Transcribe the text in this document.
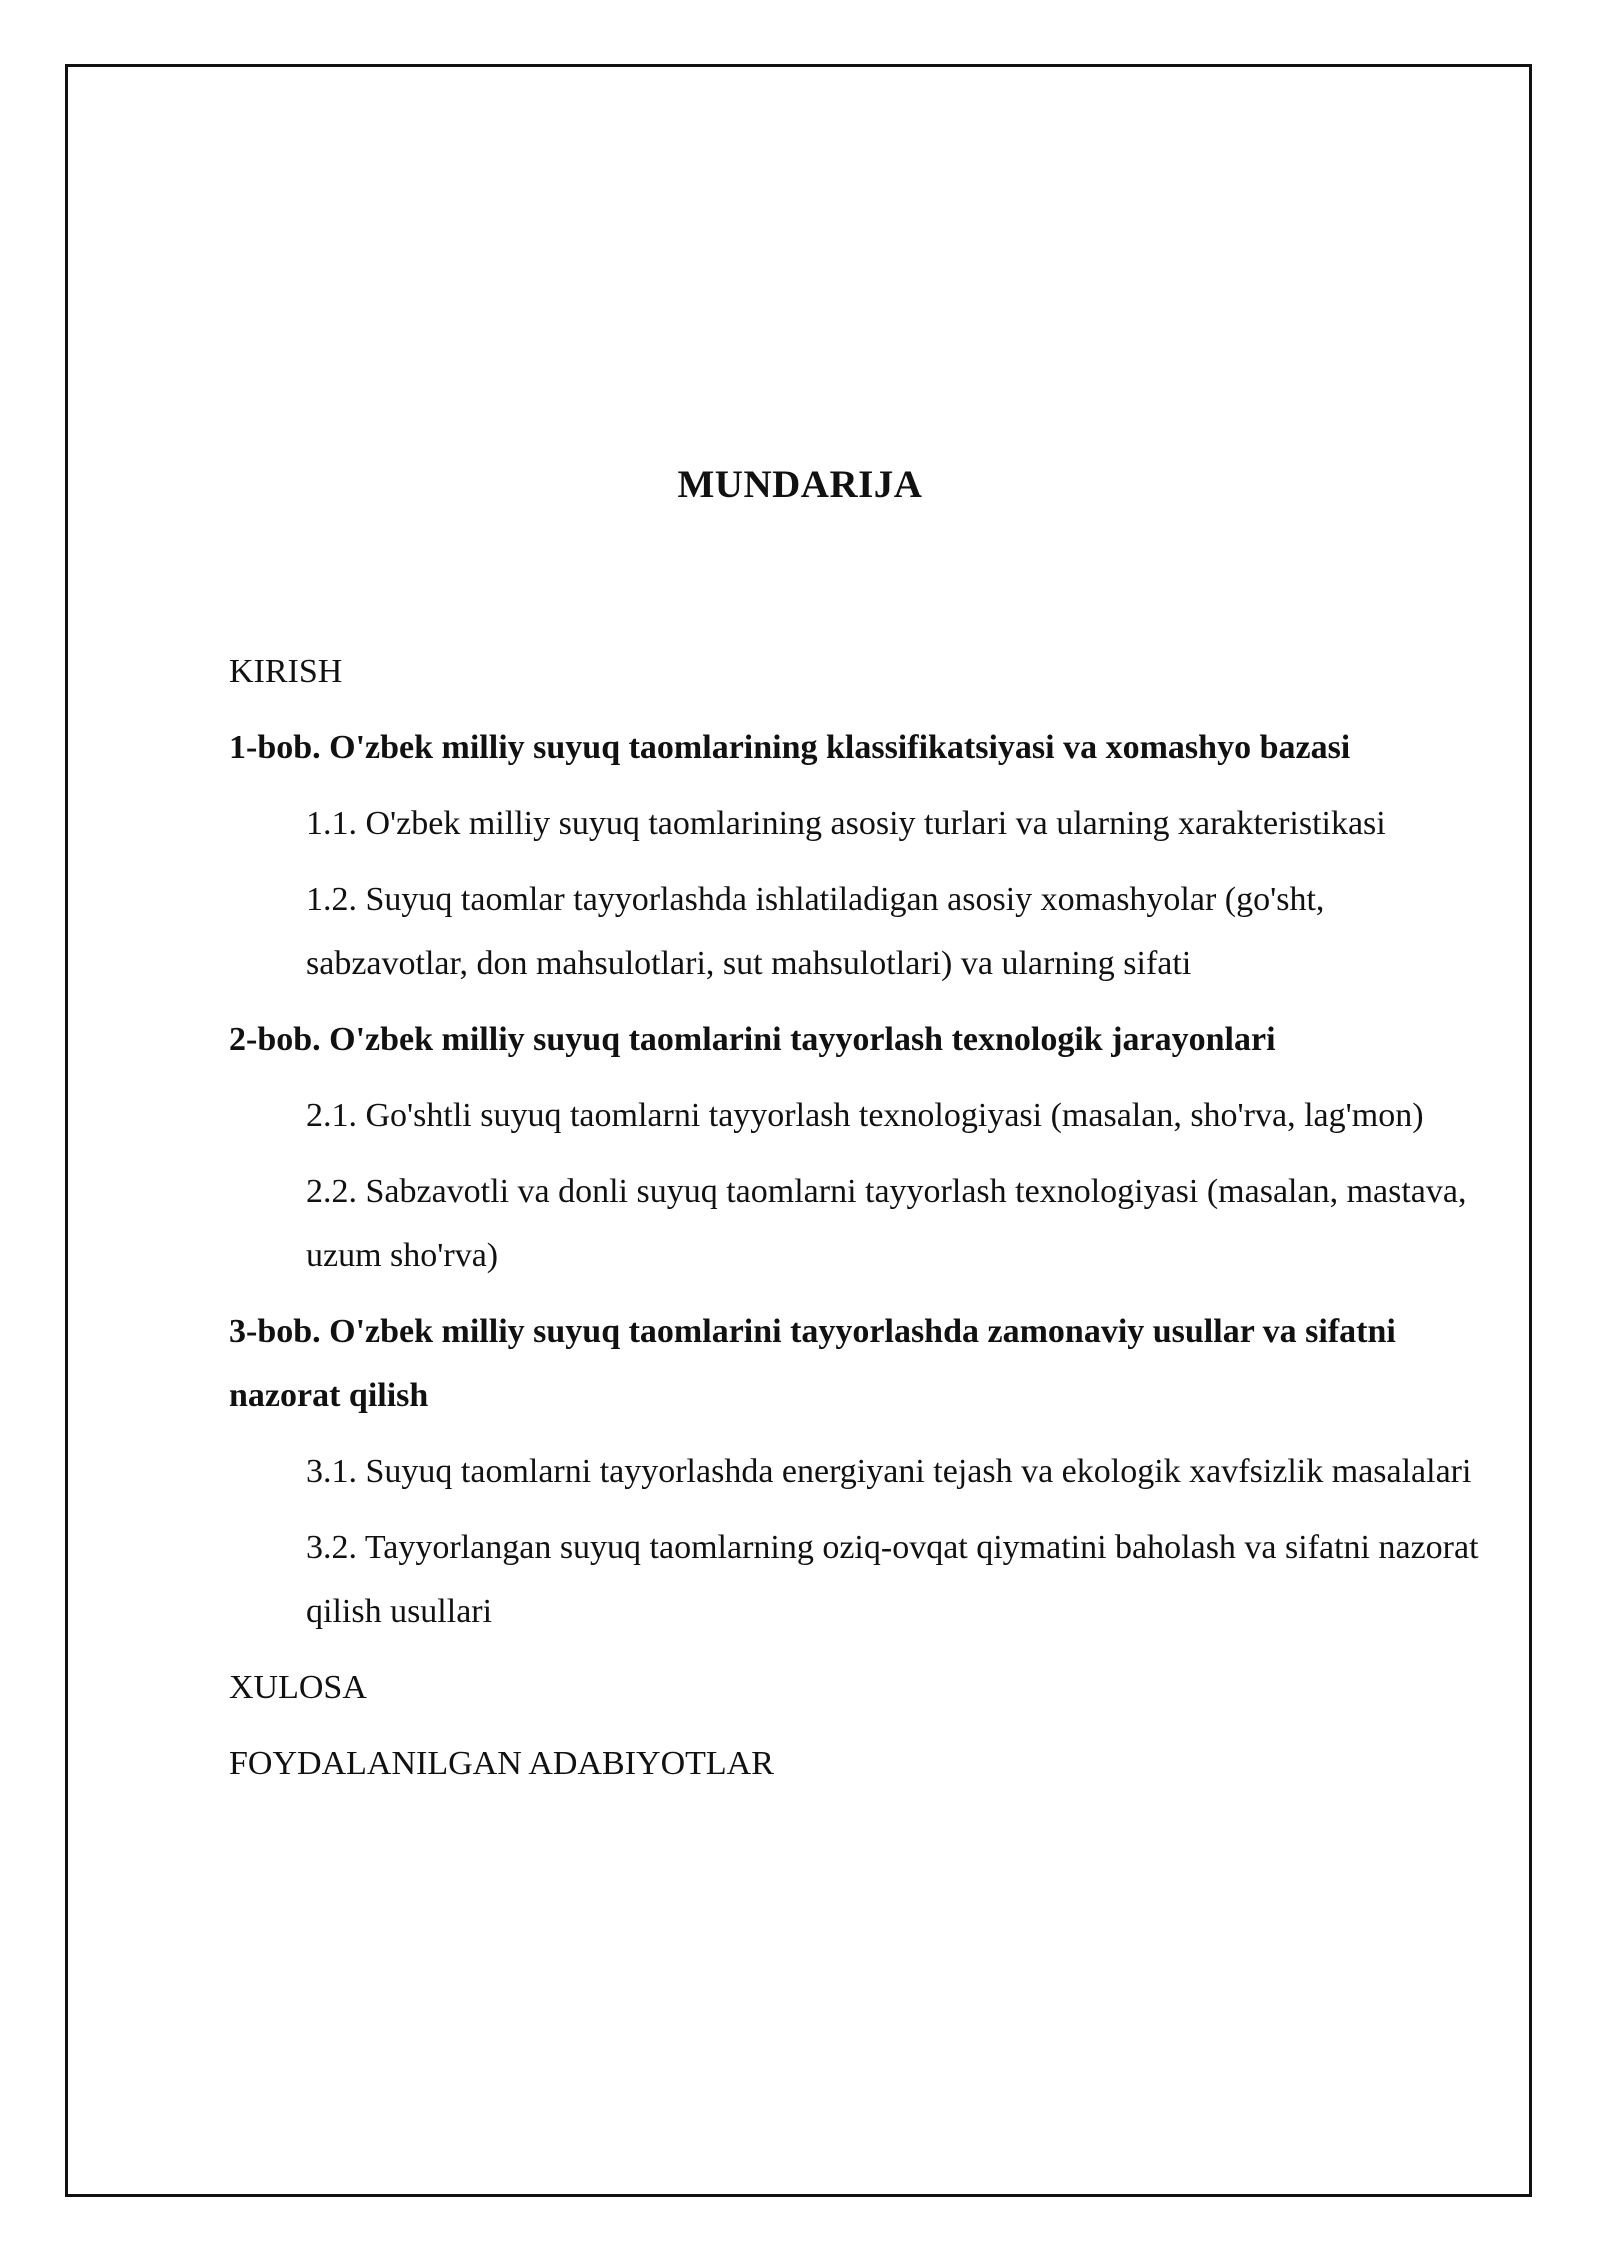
MUNDARIJA

KIRISH

1-bob. O'zbek milliy suyuq taomlarining klassifikatsiyasi va xomashyo bazasi

1.1. O'zbek milliy suyuq taomlarining asosiy turlari va ularning xarakteristikasi

1.2. Suyuq taomlar tayyorlashda ishlatiladigan asosiy xomashyolar (go'sht, sabzavotlar, don mahsulotlari, sut mahsulotlari) va ularning sifati

2-bob. O'zbek milliy suyuq taomlarini tayyorlash texnologik jarayonlari

2.1. Go'shtli suyuq taomlarni tayyorlash texnologiyasi (masalan, sho'rva, lag'mon)

2.2. Sabzavotli va donli suyuq taomlarni tayyorlash texnologiyasi (masalan, mastava, uzum sho'rva)

3-bob. O'zbek milliy suyuq taomlarini tayyorlashda zamonaviy usullar va sifatni nazorat qilish

3.1. Suyuq taomlarni tayyorlashda energiyani tejash va ekologik xavfsizlik masalalari

3.2. Tayyorlangan suyuq taomlarning oziq-ovqat qiymatini baholash va sifatni nazorat qilish usullari

XULOSA

FOYDALANILGAN ADABIYOTLAR
